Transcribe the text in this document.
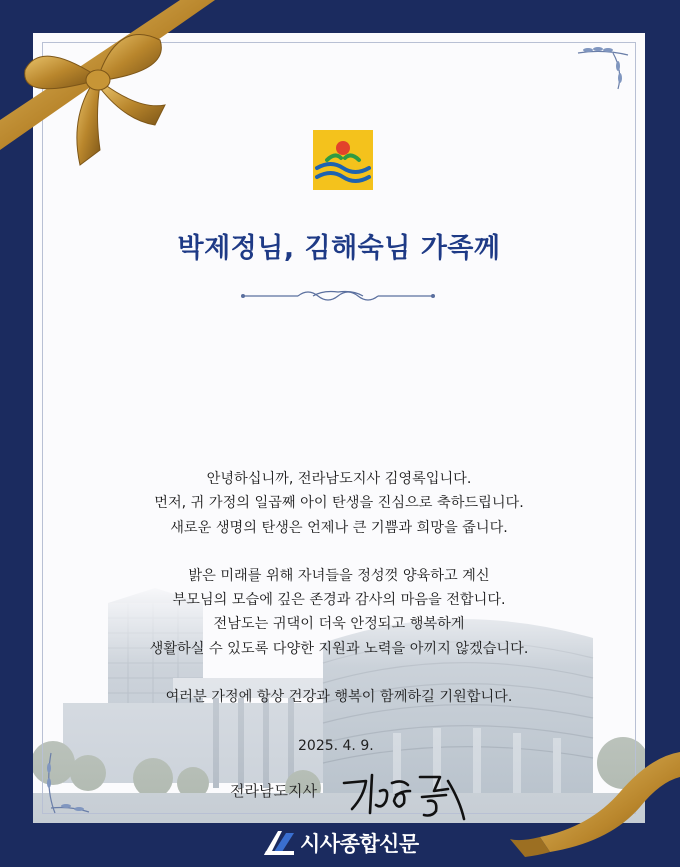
박제정님, 김해숙님 가족께
안녕하십니까, 전라남도지사 김영록입니다.
먼저, 귀 가정의 일곱째 아이 탄생을 진심으로 축하드립니다.
새로운 생명의 탄생은 언제나 큰 기쁨과 희망을 줍니다.
밝은 미래를 위해 자녀들을 정성껏 양육하고 계신
부모님의 모습에 깊은 존경과 감사의 마음을 전합니다.
전남도는 귀댁이 더욱 안정되고 행복하게
생활하실 수 있도록 다양한 지원과 노력을 아끼지 않겠습니다.
여러분 가정에 항상 건강과 행복이 함께하길 기원합니다.
2025. 4. 9.
전라남도지사
시사종합신문
